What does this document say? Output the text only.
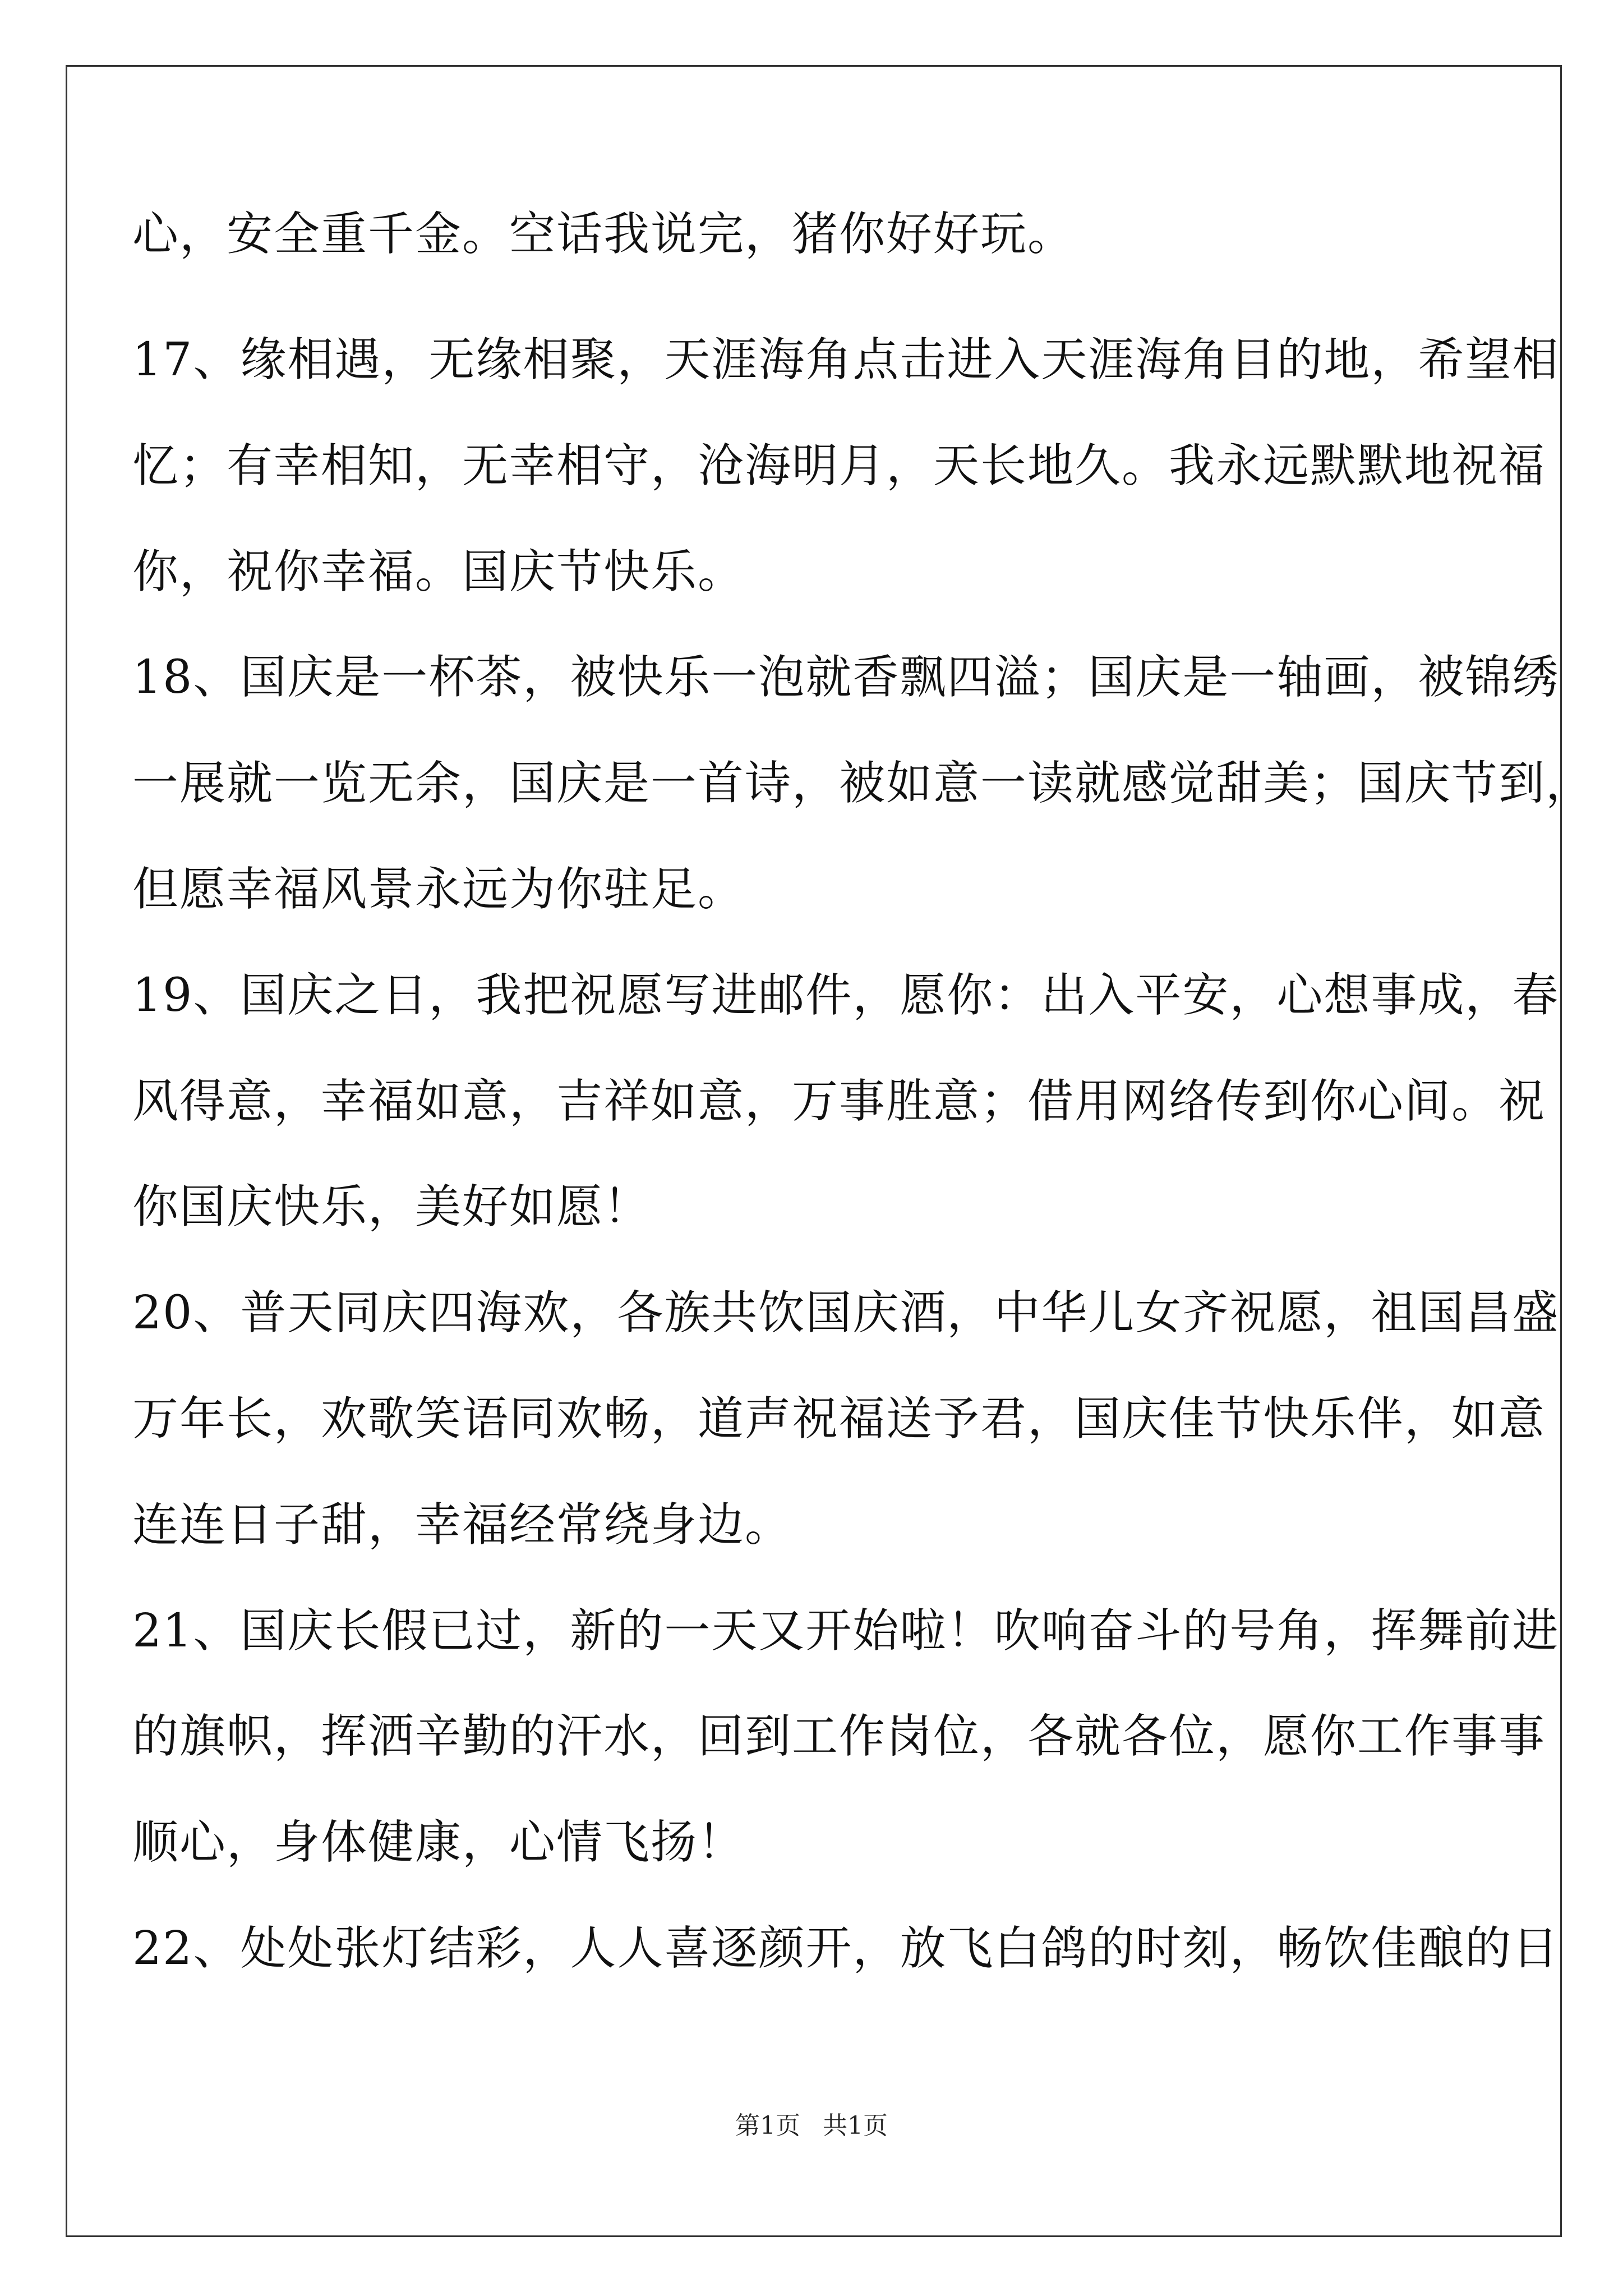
心，安全重千金。空话我说完，猪你好好玩。
17、缘相遇，无缘相聚，天涯海角点击进入天涯海角目的地，希望相
忆；有幸相知，无幸相守，沧海明月，天长地久。我永远默默地祝福
你，祝你幸福。国庆节快乐。
18、国庆是一杯茶，被快乐一泡就香飘四溢；国庆是一轴画，被锦绣
一展就一览无余，国庆是一首诗，被如意一读就感觉甜美；国庆节到，
但愿幸福风景永远为你驻足。
19、国庆之日，我把祝愿写进邮件，愿你：出入平安，心想事成，春
风得意，幸福如意，吉祥如意，万事胜意；借用网络传到你心间。祝
你国庆快乐，美好如愿！
20、普天同庆四海欢，各族共饮国庆酒，中华儿女齐祝愿，祖国昌盛
万年长，欢歌笑语同欢畅，道声祝福送予君，国庆佳节快乐伴，如意
连连日子甜，幸福经常绕身边。
21、国庆长假已过，新的一天又开始啦！吹响奋斗的号角，挥舞前进
的旗帜，挥洒辛勤的汗水，回到工作岗位，各就各位，愿你工作事事
顺心，身体健康，心情飞扬！
22、处处张灯结彩，人人喜逐颜开，放飞白鸽的时刻，畅饮佳酿的日
第1页 共1页
